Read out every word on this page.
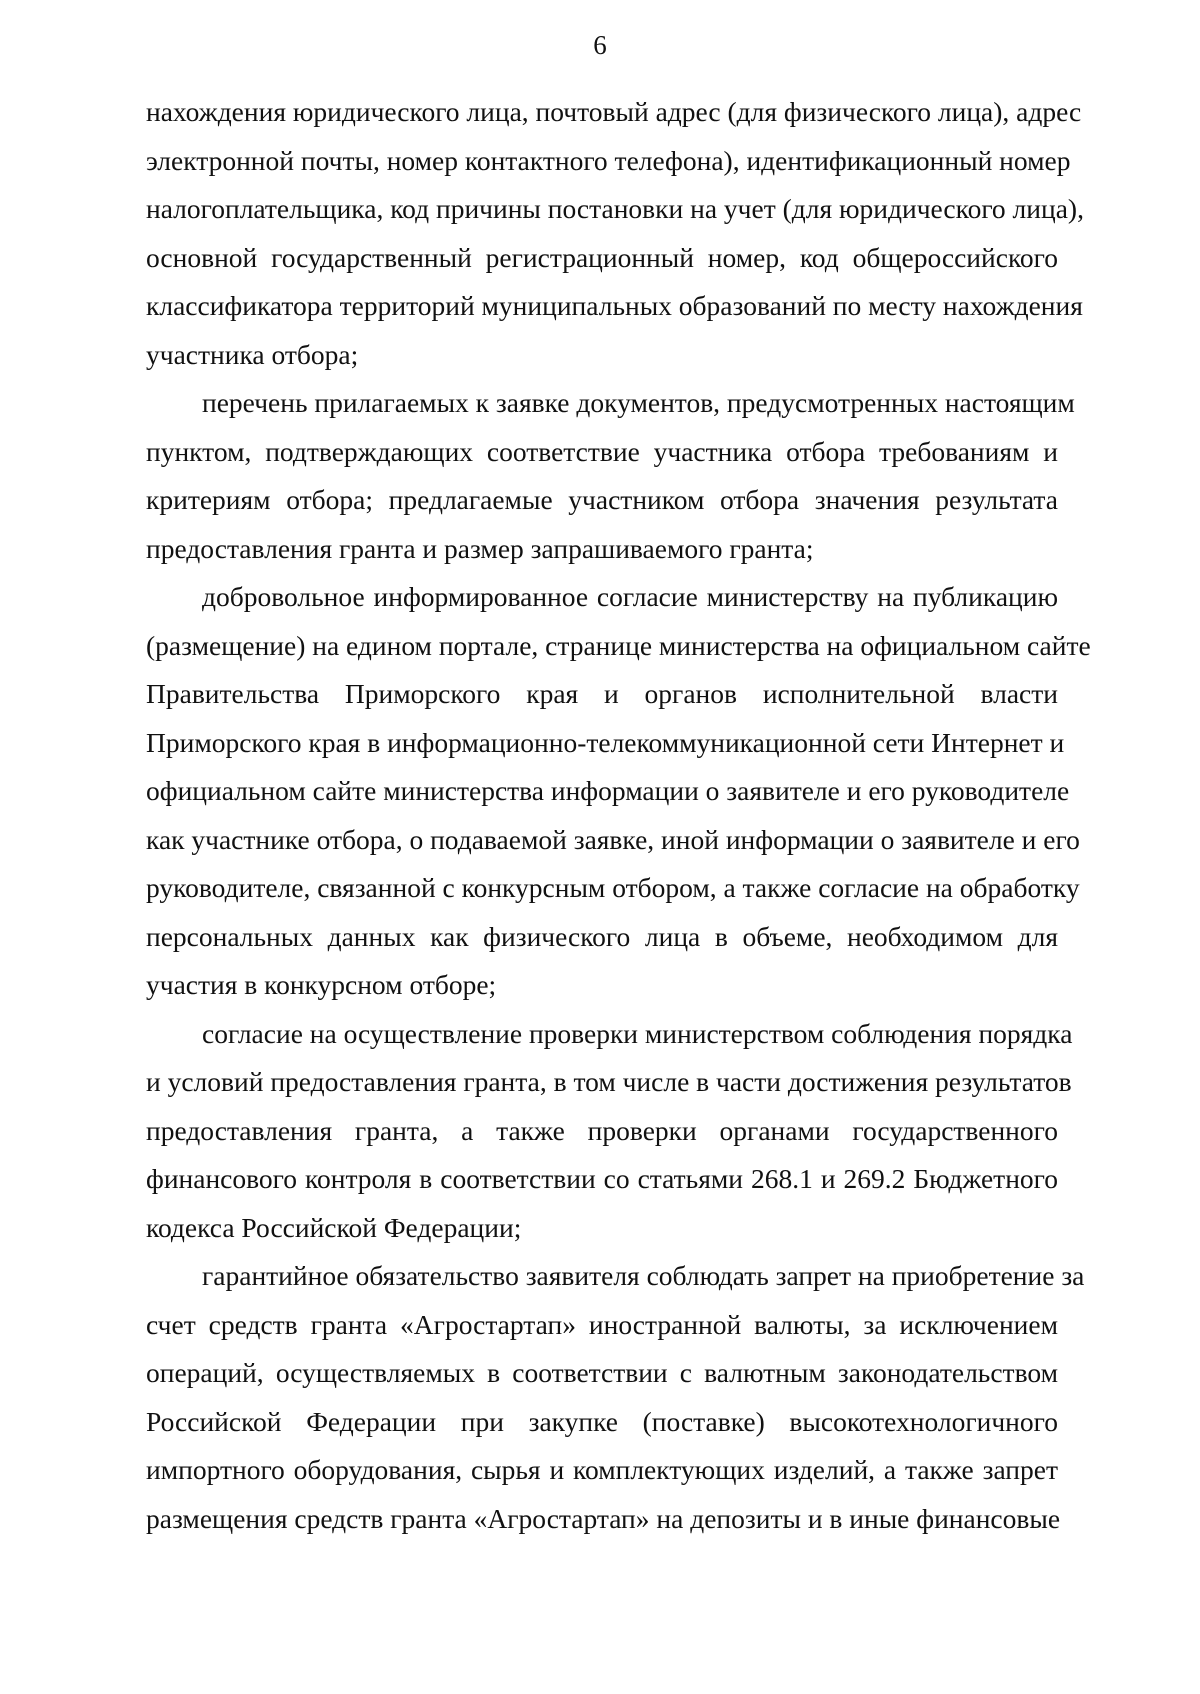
6
нахождения юридического лица, почтовый адрес (для физического лица), адрес
электронной почты, номер контактного телефона), идентификационный номер
налогоплательщика, код причины постановки на учет (для юридического лица),
основной государственный регистрационный номер, код общероссийского
классификатора территорий муниципальных образований по месту нахождения
участника отбора;
перечень прилагаемых к заявке документов, предусмотренных настоящим
пунктом, подтверждающих соответствие участника отбора требованиям и
критериям отбора; предлагаемые участником отбора значения результата
предоставления гранта и размер запрашиваемого гранта;
добровольное информированное согласие министерству на публикацию
(размещение) на едином портале, странице министерства на официальном сайте
Правительства Приморского края и органов исполнительной власти
Приморского края в информационно-телекоммуникационной сети Интернет и
официальном сайте министерства информации о заявителе и его руководителе
как участнике отбора, о подаваемой заявке, иной информации о заявителе и его
руководителе, связанной с конкурсным отбором, а также согласие на обработку
персональных данных как физического лица в объеме, необходимом для
участия в конкурсном отборе;
согласие на осуществление проверки министерством соблюдения порядка
и условий предоставления гранта, в том числе в части достижения результатов
предоставления гранта, а также проверки органами государственного
финансового контроля в соответствии со статьями 268.1 и 269.2 Бюджетного
кодекса Российской Федерации;
гарантийное обязательство заявителя соблюдать запрет на приобретение за
счет средств гранта «Агростартап» иностранной валюты, за исключением
операций, осуществляемых в соответствии с валютным законодательством
Российской Федерации при закупке (поставке) высокотехнологичного
импортного оборудования, сырья и комплектующих изделий, а также запрет
размещения средств гранта «Агростартап» на депозиты и в иные финансовые
